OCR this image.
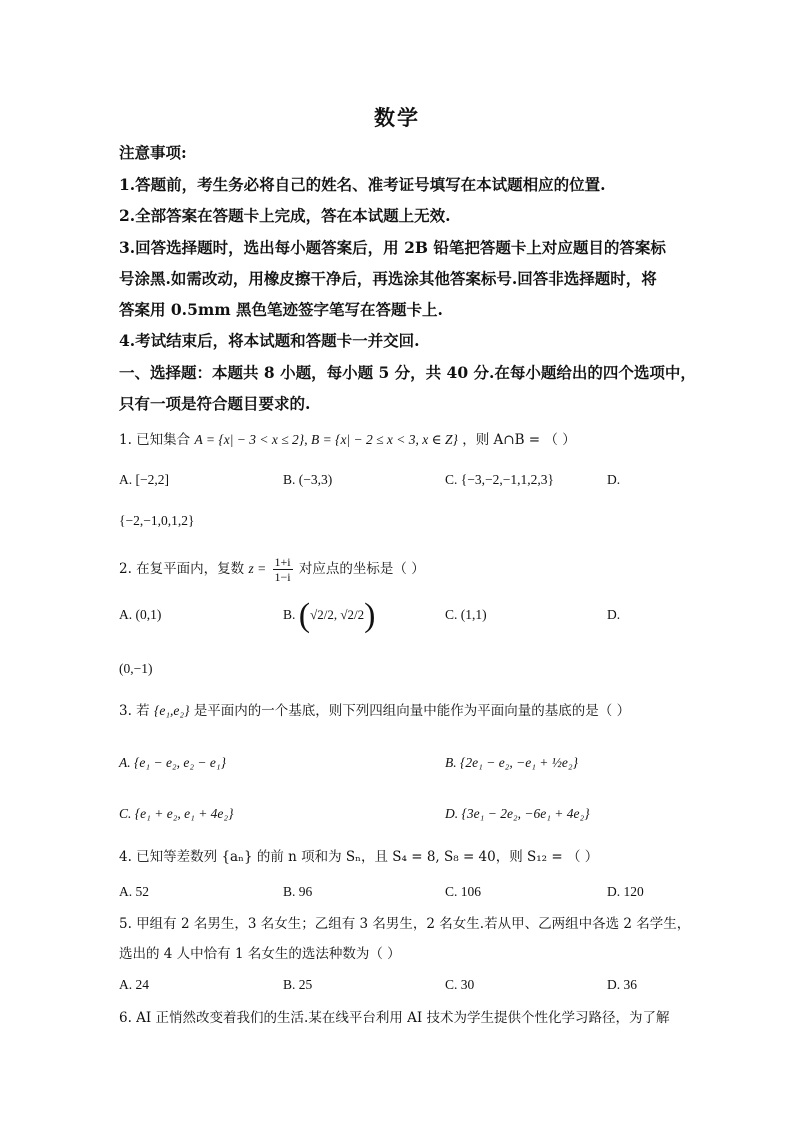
数学
注意事项:
1.答题前，考生务必将自己的姓名、准考证号填写在本试题相应的位置.
2.全部答案在答题卡上完成，答在本试题上无效.
3.回答选择题时，选出每小题答案后，用 2B 铅笔把答题卡上对应题目的答案标
号涂黑.如需改动，用橡皮擦干净后，再选涂其他答案标号.回答非选择题时，将
答案用 0.5mm 黑色笔迹签字笔写在答题卡上.
4.考试结束后，将本试题和答题卡一并交回.
一、选择题：本题共 8 小题，每小题 5 分，共 40 分.在每小题给出的四个选项中，
只有一项是符合题目要求的.
1. 已知集合 A = {x| − 3 < x ≤ 2}, B = {x| − 2 ≤ x < 3, x ∈ Z} ，则 A∩B = （ ）
A. [−2,2]	B. (−3,3)	C. {−3,−2,−1,1,2,3}	D.
{−2,−1,0,1,2}
2. 在复平面内，复数 $z = \frac{1+i}{1-i}$ 对应点的坐标是（ ）
A. (0,1)	B. (√2/2, √2/2)	C. (1,1)	D.
(0,−1)
3. 若 {e₁,e₂} 是平面内的一个基底，则下列四组向量中能作为平面向量的基底的是（ ）
A. {e₁ − e₂, e₂ − e₁}	B. {2e₁ − e₂, −e₁ + ½e₂}
C. {e₁ + e₂, e₁ + 4e₂}	D. {3e₁ − 2e₂, −6e₁ + 4e₂}
4. 已知等差数列 {aₙ} 的前 n 项和为 Sₙ，且 S₄ = 8, S₈ = 40，则 S₁₂ = （ ）
A. 52	B. 96	C. 106	D. 120
5. 甲组有 2 名男生，3 名女生；乙组有 3 名男生，2 名女生.若从甲、乙两组中各选 2 名学生，
选出的 4 人中恰有 1 名女生的选法种数为（ ）
A. 24	B. 25	C. 30	D. 36
6. AI 正悄然改变着我们的生活.某在线平台利用 AI 技术为学生提供个性化学习路径，为了解
